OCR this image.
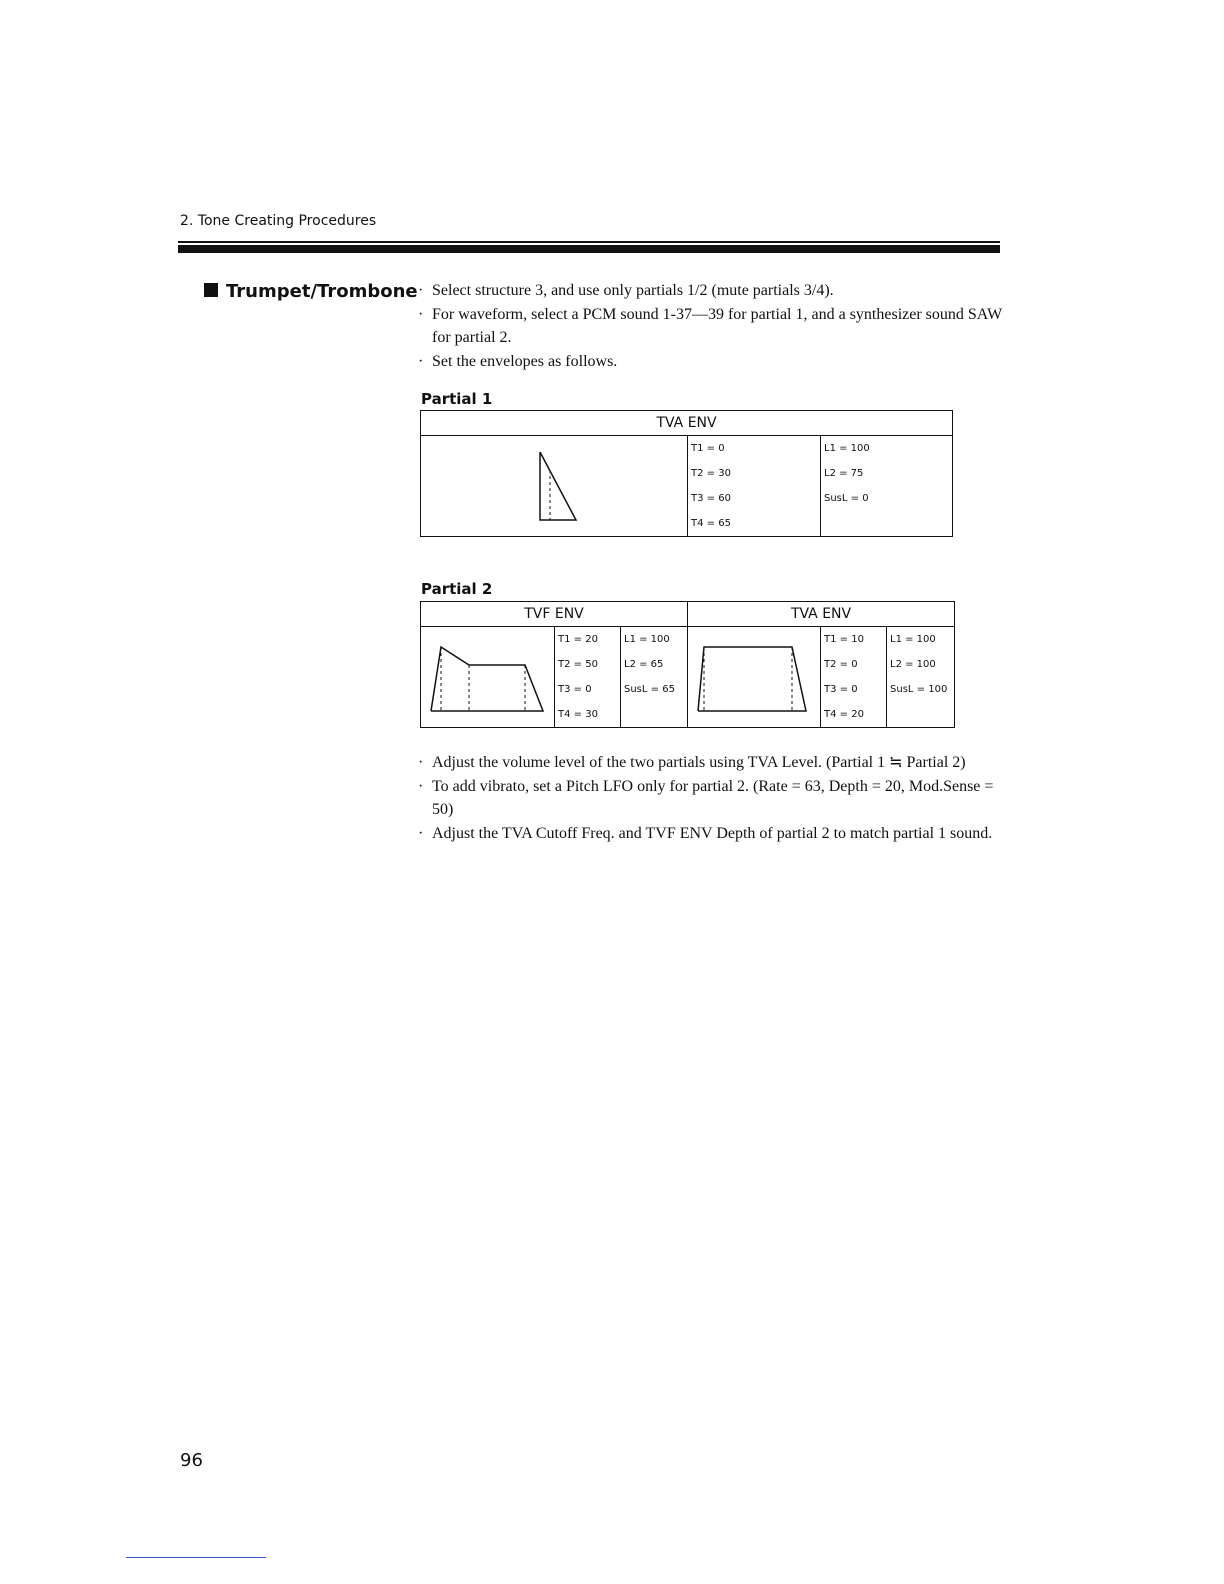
2. Tone Creating Procedures
Trumpet/Trombone · Select structure 3, and use only partials 1/2 (mute partials 3/4).
· For waveform, select a PCM sound 1-37—39 for partial 1, and a synthesizer sound SAW for partial 2.
· Set the envelopes as follows.
Partial 1
TVA ENV		

	T1 = 0	L1 = 100
	T2 = 30	L2 = 75
	T3 = 60	SusL = 0
	T4 = 65	
Partial 2
TVF ENV			TVA ENV		

	T1 = 20	L1 = 100		T1 = 10	L1 = 100
	T2 = 50	L2 = 65		T2 = 0	L2 = 100
	T3 = 0	SusL = 65		T3 = 0	SusL = 100
	T4 = 30			T4 = 20	
· Adjust the volume level of the two partials using TVA Level. (Partial 1 ≒ Partial 2)
· To add vibrato, set a Pitch LFO only for partial 2. (Rate = 63, Depth = 20, Mod.Sense = 50)
· Adjust the TVA Cutoff Freq. and TVF ENV Depth of partial 2 to match partial 1 sound.
96
